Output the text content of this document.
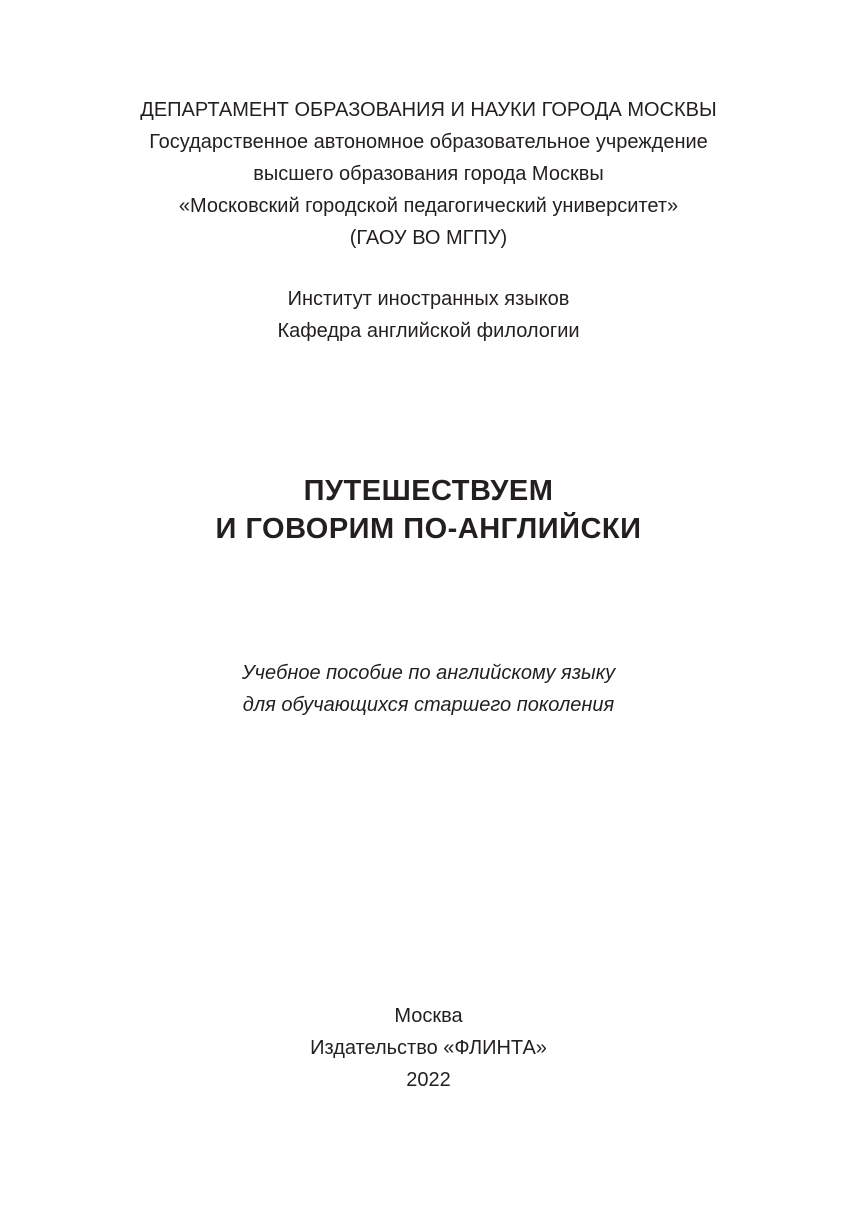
ДЕПАРТАМЕНТ ОБРАЗОВАНИЯ И НАУКИ ГОРОДА МОСКВЫ
Государственное автономное образовательное учреждение
высшего образования города Москвы
«Московский городской педагогический университет»
(ГАОУ ВО МГПУ)
Институт иностранных языков
Кафедра английской филологии
ПУТЕШЕСТВУЕМ
И ГОВОРИМ ПО-АНГЛИЙСКИ
Учебное пособие по английскому языку
для обучающихся старшего поколения
Москва
Издательство «ФЛИНТА»
2022
